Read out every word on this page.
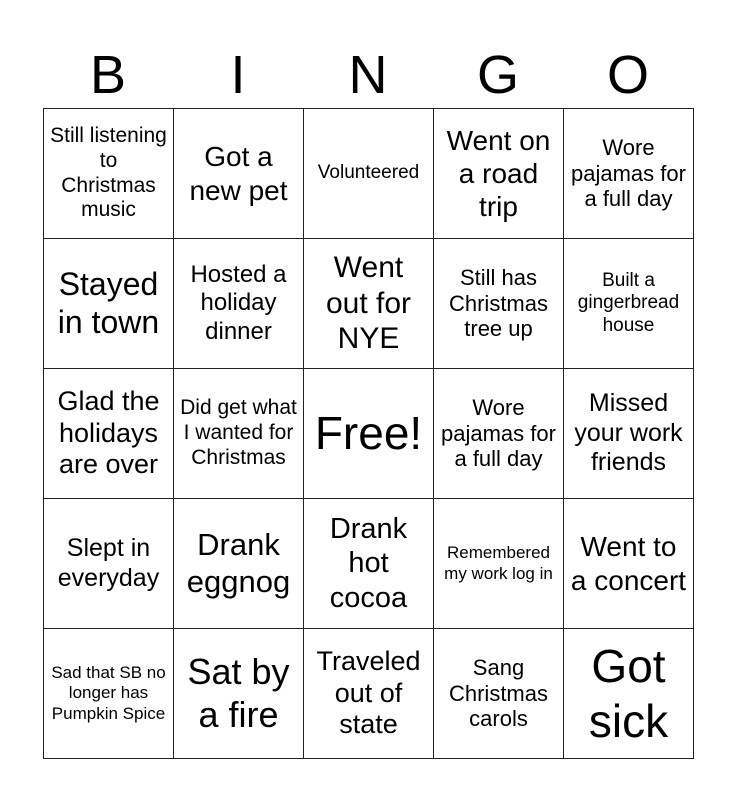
B	I	N	G	O
Still listening to Christmas music	Got a new pet	Volunteered	Went on a road trip	Wore pajamas for a full day
Stayed in town	Hosted a holiday dinner	Went out for NYE	Still has Christmas tree up	Built a gingerbread house
Glad the holidays are over	Did get what I wanted for Christmas	Free!	Wore pajamas for a full day	Missed your work friends
Slept in everyday	Drank eggnog	Drank hot cocoa	Remembered my work log in	Went to a concert
Sad that SB no longer has Pumpkin Spice	Sat by a fire	Traveled out of state	Sang Christmas carols	Got sick
